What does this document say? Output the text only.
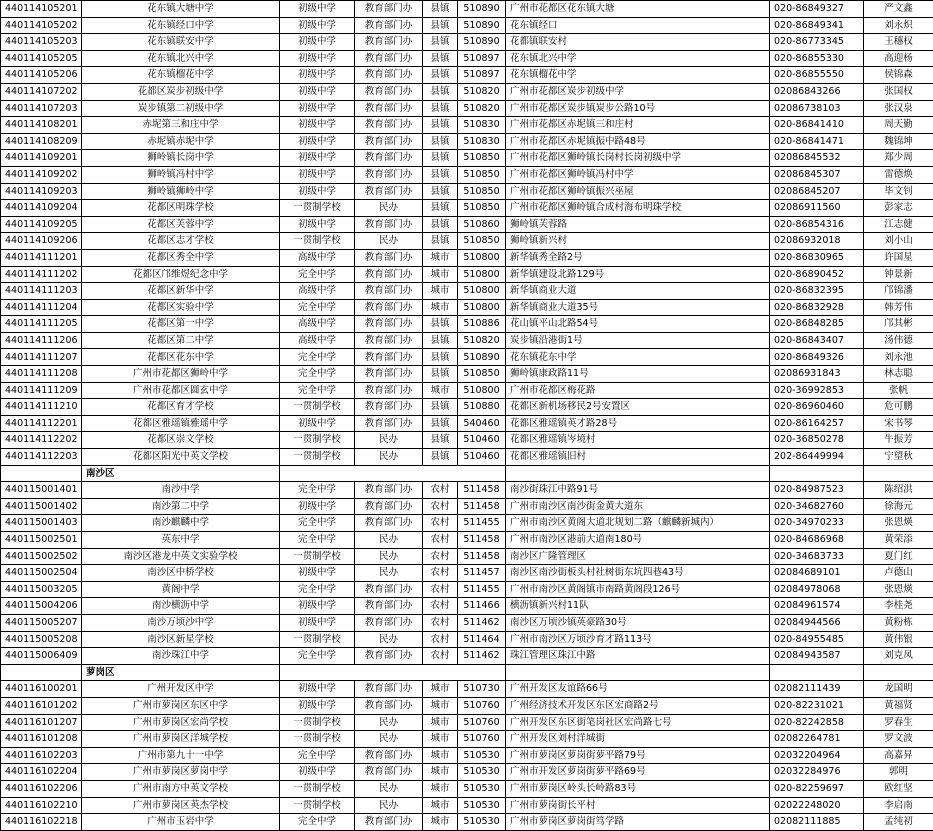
440114105201	花东镇大塘中学	初级中学	教育部门办	县镇	510890	广州市花都区花东镇大塘	020-86849327	严文鑫
440114105202	花东镇经口中学	初级中学	教育部门办	县镇	510890	花东镇经口	020-86849341	刘永炽
440114105203	花东镇联安中学	初级中学	教育部门办	县镇	510890	花都镇联安村	020-86773345	王穗权
440114105205	花东镇北兴中学	初级中学	教育部门办	县镇	510897	花东镇北兴中学	020-86855330	高迎杨
440114105206	花东镇榴花中学	初级中学	教育部门办	县镇	510897	花东镇榴花中学	020-86855550	侯锦森
440114107202	花都区炭步初级中学	初级中学	教育部门办	县镇	510820	广州市花都区炭步初级中学	02086843266	张国权
440114107203	炭步镇第二初级中学	初级中学	教育部门办	县镇	510820	广州市花都区炭步镇炭步公路10号	02086738103	张汉泉
440114108201	赤坭第三和庄中学	初级中学	教育部门办	县镇	510830	广州市花都区赤坭镇三和庄村	020-86841410	周天勤
440114108209	赤坭镇赤坭中学	初级中学	教育部门办	县镇	510830	广州市花都区赤坭镇振中路48号	020-86841471	魏锦坤
440114109201	狮岭镇长岗中学	初级中学	教育部门办	县镇	510850	广州市花都区狮岭镇长岗村长岗初级中学	02086845532	郑少周
440114109202	狮岭镇冯村中学	初级中学	教育部门办	县镇	510850	广州市花都区狮岭镇冯村中学	02086845307	雷德焕
440114109203	狮岭镇狮岭中学	初级中学	教育部门办	县镇	510850	广州市花都区狮岭镇振兴巫屋	02086845207	毕文钊
440114109204	花都区明珠学校	一贯制学校	民办	县镇	510850	广州市花都区狮岭镇合成村海布明珠学校	02086911560	彭家志
440114109205	花都区芙蓉中学	初级中学	教育部门办	县镇	510860	狮岭镇芙蓉路	020-86854316	江志健
440114109206	花都区志才学校	一贯制学校	民办	县镇	510850	狮岭镇新兴村	02086932018	刘小山
440114111201	花都区秀全中学	高级中学	教育部门办	城市	510800	新华镇秀全路2号	020-86830965	许国星
440114111202	花都区邝维煜纪念中学	完全中学	教育部门办	城市	510800	新华镇建设北路129号	020-86890452	钟景新
440114111203	花都区新华中学	高级中学	教育部门办	城市	510800	新华镇商业大道	020-86832395	邝锦潘
440114111204	花都区实验中学	完全中学	教育部门办	城市	510800	新华镇商业大道35号	020-86832928	韩芳伟
440114111205	花都区第一中学	高级中学	教育部门办	县镇	510886	花山镇平山北路54号	020-86848285	邝其彬
440114111206	花都区第二中学	高级中学	教育部门办	县镇	510820	炭步镇沿港街1号	020-86843407	汤伟德
440114111207	花都区花东中学	完全中学	教育部门办	县镇	510890	花东镇花东中学	020-86849326	刘永池
440114111208	广州市花都区狮岭中学	完全中学	教育部门办	县镇	510850	狮岭镇康政路11号	02086931843	林志聪
440114111209	广州市花都区圆玄中学	完全中学	教育部门办	城市	510800	广州市花都区梅花路	020-36992853	张帆
440114111210	花都区育才学校	一贯制学校	教育部门办	县镇	510880	花都区新机场移民2号安置区	020-86960460	危可鹏
440114112201	花都区雅瑶镇雅瑶中学	初级中学	教育部门办	县镇	540460	花都区雅瑶镇英才路28号	020-86164257	宋书琴
440114112202	花都区崇文学校	一贯制学校	民办	县镇	510460	花都区雅瑶镇岑境村	020-36850278	牛振芳
440114112203	花都区阳光中英文学校	一贯制学校	民办	县镇	510460	花都区雅瑶镇旧村	202-86449994	宁望秋
	南沙区							
440115001401	南沙中学	完全中学	教育部门办	农村	511458	南沙街珠江中路91号	020-84987523	陈绍洪
440115001402	南沙第二中学	初级中学	教育部门办	农村	511458	广州市南沙区南沙街金黄大道东	020-34682760	徐海元
440115001403	南沙麒麟中学	完全中学	教育部门办	农村	511455	广州市南沙区黄阁大道北规划二路（麒麟新城内）	020-34970233	张恩煐
440115002501	英东中学	完全中学	民办	农村	511458	广州市南沙区港前大道南180号	020-84686968	黄荣添
440115002502	南沙区港龙中英文实验学校	一贯制学校	民办	农村	511458	南沙区广隆管理区	020-34683733	夏门红
440115002504	南沙区中桥学校	初级中学	民办	农村	511457	南沙区南沙街板头村社树街东坑四巷43号	02084689101	卢德山
440115003205	黄阁中学	完全中学	教育部门办	农村	511455	广州市南沙区黄阁镇市南路黄阁段126号	02084978068	张恩煐
440115004206	南沙横沥中学	初级中学	教育部门办	农村	511466	横沥镇新兴村11队	02084961574	李桂尧
440115005207	南沙万顷沙中学	初级中学	教育部门办	农村	511462	南沙区万顷沙镇英豪路30号	02084944566	黄粉栋
440115005208	南沙区新星学校	一贯制学校	民办	农村	511464	广州市南沙区万顷沙育才路113号	020-84955485	黄伟银
440115006409	南沙珠江中学	完全中学	教育部门办	农村	511462	珠江管理区珠江中路	02084943587	刘克凤
	萝岗区							
440116100201	广州开发区中学	初级中学	教育部门办	城市	510730	广州开发区友谊路66号	02082111439	龙国明
440116101202	广州市萝岗区东区中学	初级中学	教育部门办	城市	510760	广州经济技术开发区东区宏商路2号	020-82231021	黄福贤
440116101207	广州市萝岗区宏尚学校	一贯制学校	民办	城市	510760	广州开发区东区街笔岗社区宏尚路七号	020-82242858	罗春生
440116101208	广州市萝岗区洋城学校	一贯制学校	民办	城市	510760	广州开发区刘村洋城街	02082264781	罗文波
440116102203	广州市第九十一中学	完全中学	教育部门办	城市	510530	广州市萝岗区萝岗街萝平路79号	02032204964	高嘉昇
440116102204	广州市萝岗区萝岗中学	初级中学	教育部门办	城市	510530	广州市开发区萝岗街萝平路69号	02032284976	郭明
440116102206	广州市南方中英文学校	一贯制学校	民办	城市	510530	广州市萝岗区岭头长岭路83号	020-82259697	欧红坚
440116102210	广州市萝岗区英杰学校	一贯制学校	民办	城市	510530	广州市萝岗街长平村	02022248020	李启南
440116102218	广州市玉岩中学	完全中学	教育部门办	城市	510530	广州市萝岗区萝岗街笃学路	02082111885	孟纯初
